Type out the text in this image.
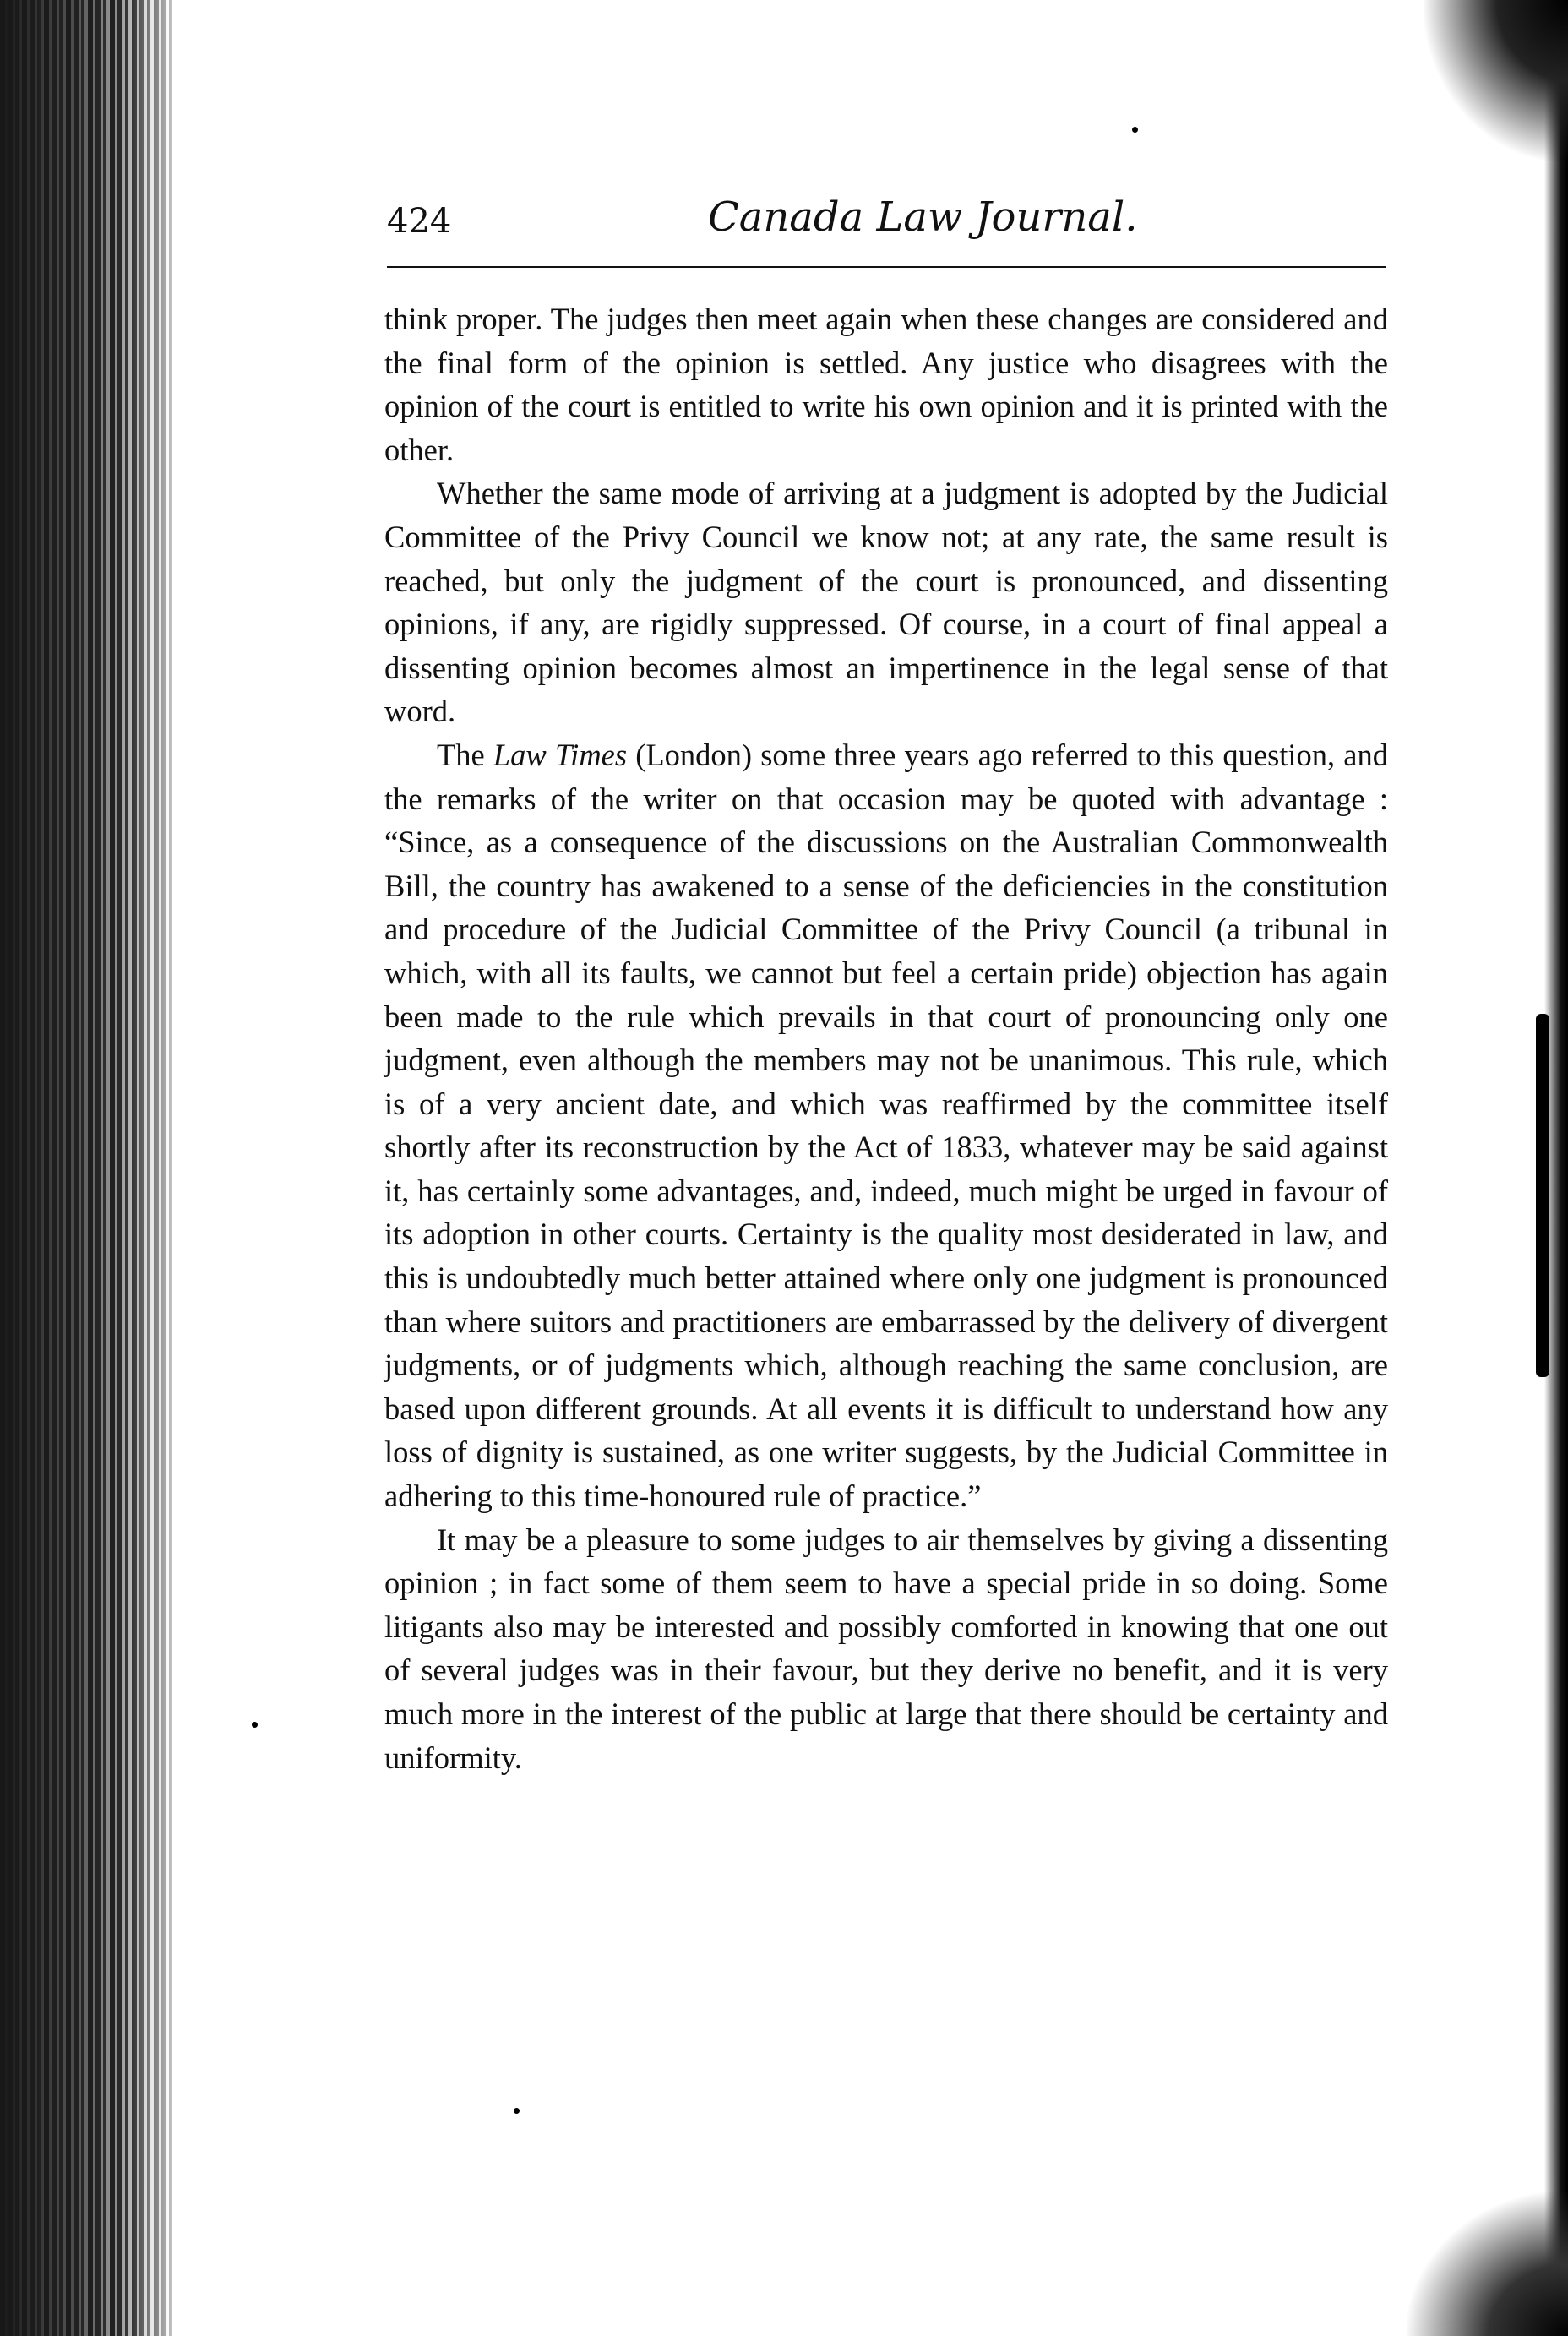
424	Canada Law Journal.

think proper. The judges then meet again when these changes are considered and the final form of the opinion is settled. Any justice who disagrees with the opinion of the court is entitled to write his own opinion and it is printed with the other.

Whether the same mode of arriving at a judgment is adopted by the Judicial Committee of the Privy Council we know not; at any rate, the same result is reached, but only the judgment of the court is pronounced, and dissenting opinions, if any, are rigidly suppressed. Of course, in a court of final appeal a dissenting opinion becomes almost an impertinence in the legal sense of that word.

The Law Times (London) some three years ago referred to this question, and the remarks of the writer on that occasion may be quoted with advantage : “Since, as a consequence of the discussions on the Australian Commonwealth Bill, the country has awakened to a sense of the deficiencies in the constitution and procedure of the Judicial Committee of the Privy Council (a tribunal in which, with all its faults, we cannot but feel a certain pride) objection has again been made to the rule which prevails in that court of pronouncing only one judgment, even although the members may not be unanimous. This rule, which is of a very ancient date, and which was reaffirmed by the committee itself shortly after its reconstruction by the Act of 1833, whatever may be said against it, has certainly some advantages, and, indeed, much might be urged in favour of its adoption in other courts. Certainty is the quality most desiderated in law, and this is undoubtedly much better attained where only one judgment is pronounced than where suitors and practitioners are embarrassed by the delivery of divergent judgments, or of judgments which, although reaching the same conclusion, are based upon different grounds. At all events it is difficult to understand how any loss of dignity is sustained, as one writer suggests, by the Judicial Committee in adhering to this time-honoured rule of practice.”

It may be a pleasure to some judges to air themselves by giving a dissenting opinion ; in fact some of them seem to have a special pride in so doing. Some litigants also may be interested and possibly comforted in knowing that one out of several judges was in their favour, but they derive no benefit, and it is very much more in the interest of the public at large that there should be certainty and uniformity.
